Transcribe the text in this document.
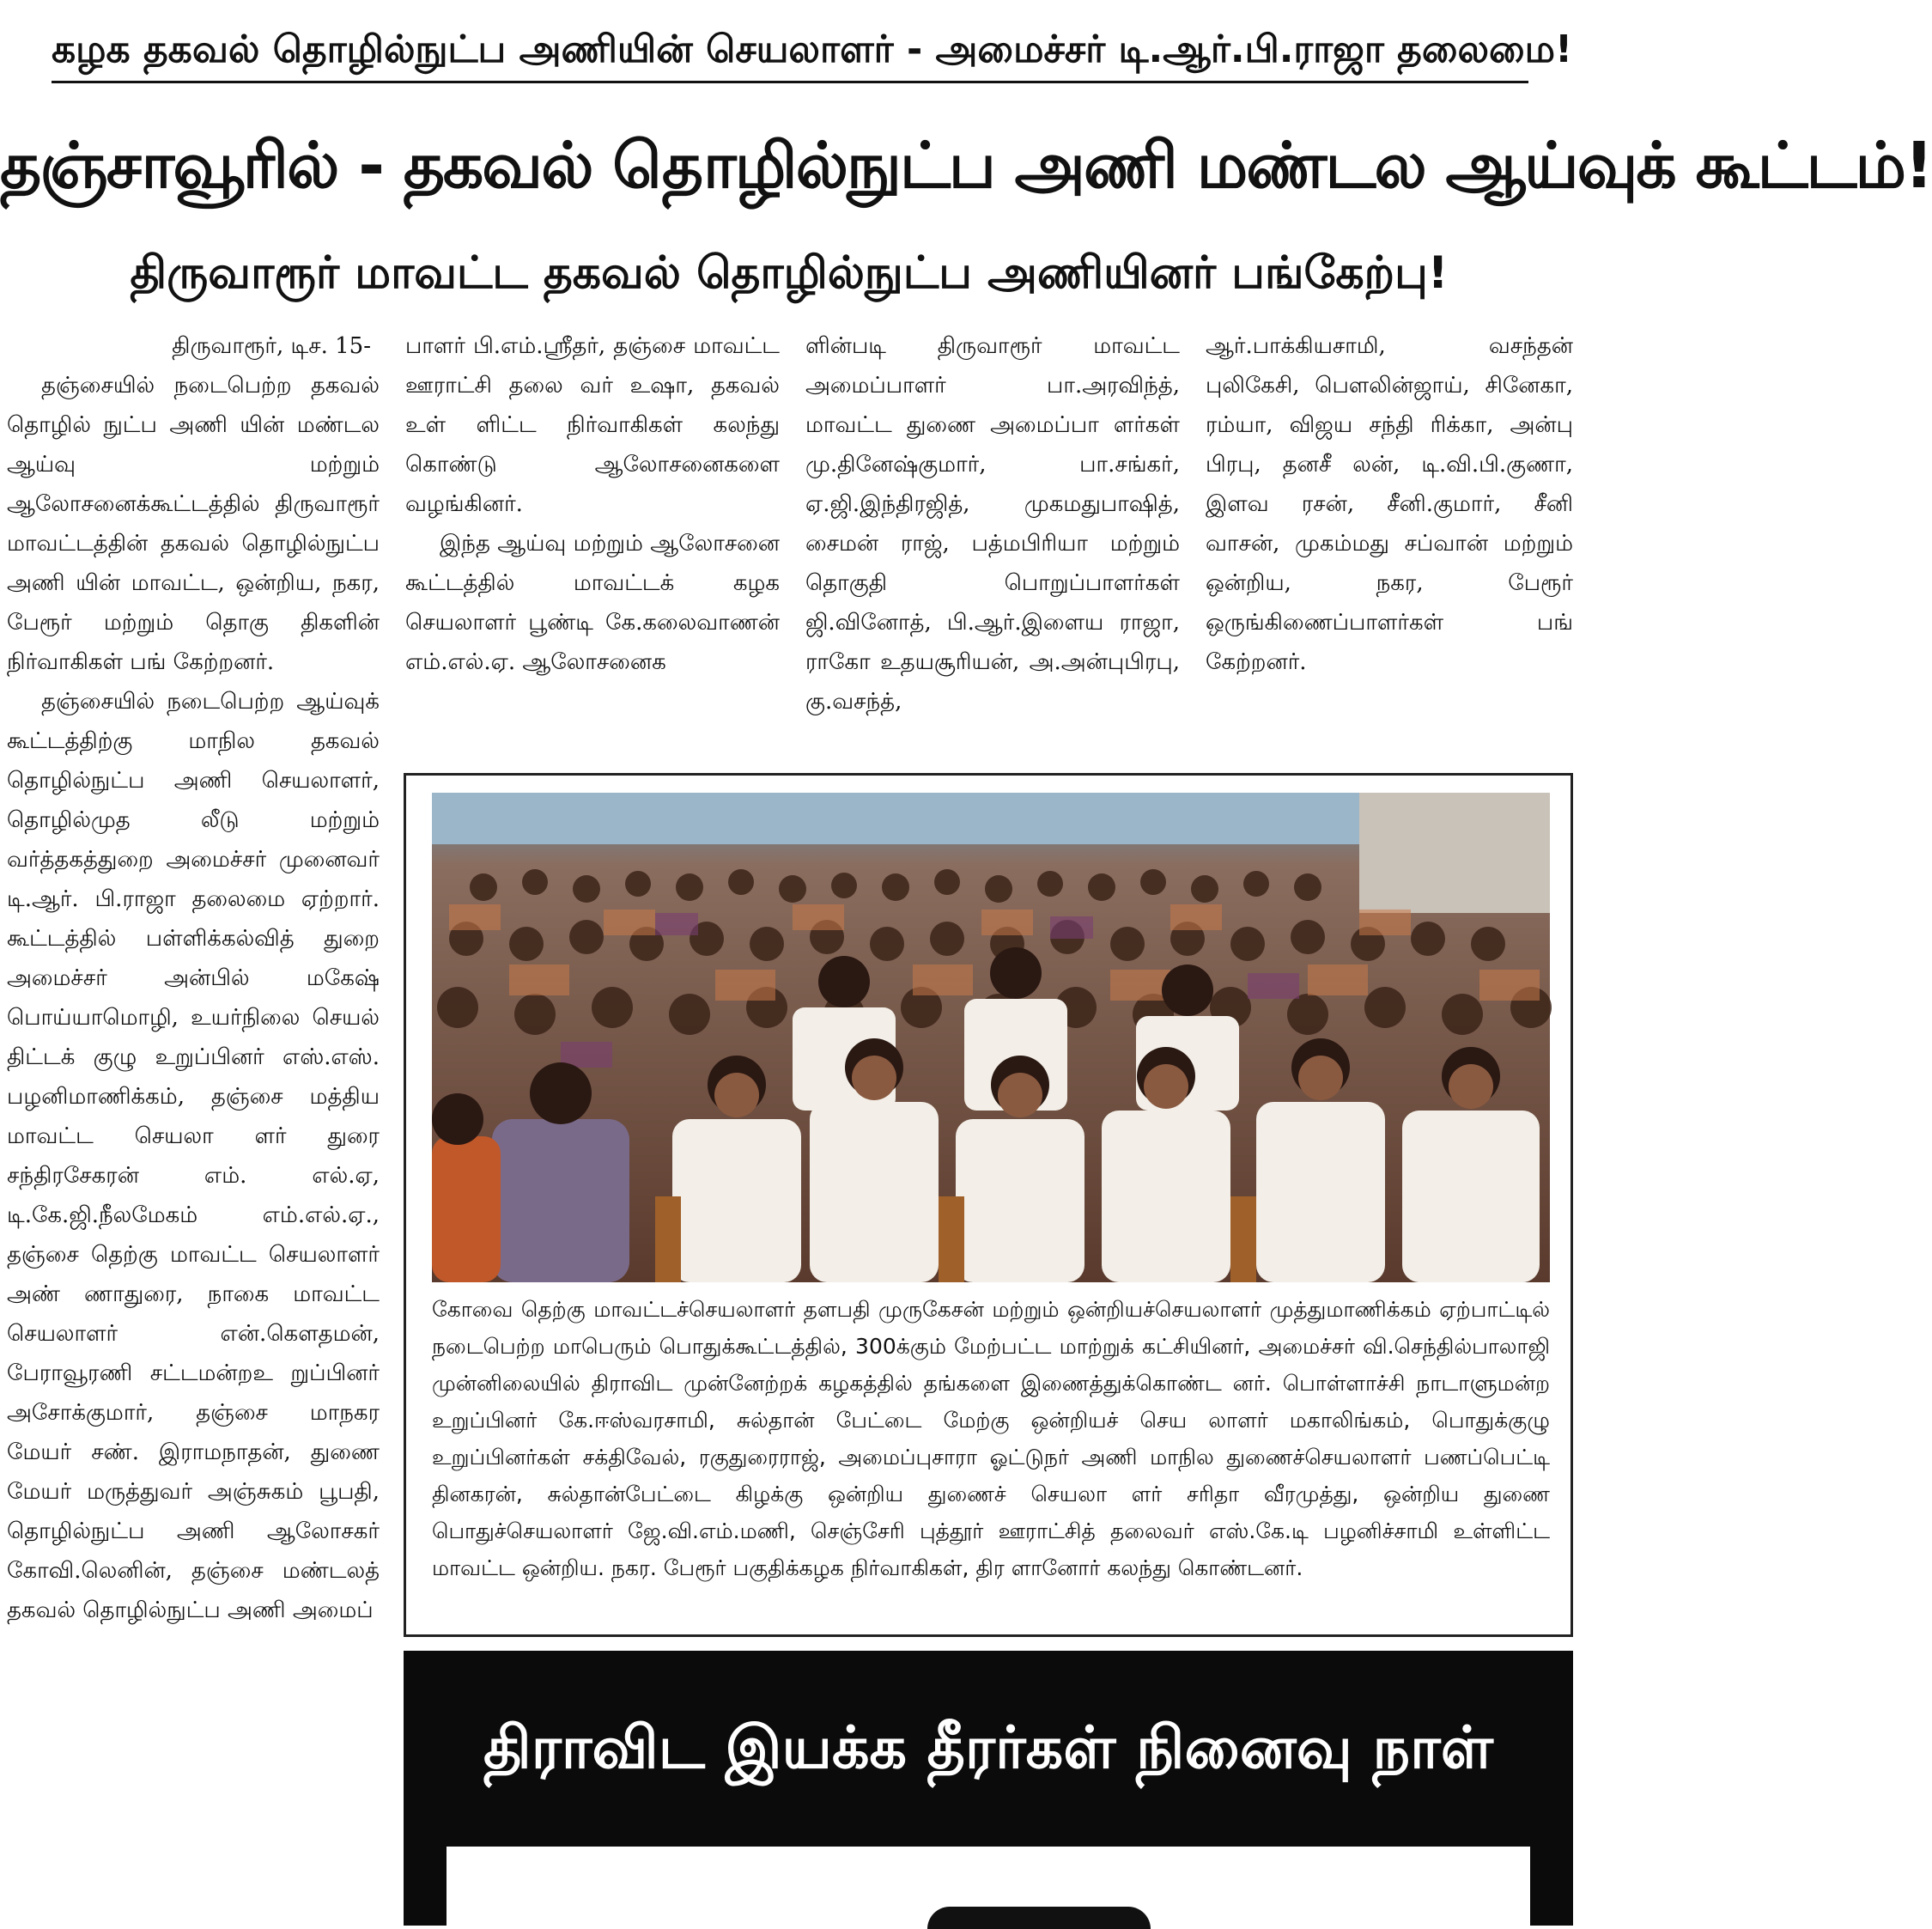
கழக தகவல் தொழில்நுட்ப அணியின் செயலாளர் - அமைச்சர் டி.ஆர்.பி.ராஜா தலைமை!
தஞ்சாவூரில் - தகவல் தொழில்நுட்ப அணி மண்டல ஆய்வுக் கூட்டம்!
திருவாரூர் மாவட்ட தகவல் தொழில்நுட்ப அணியினர் பங்கேற்பு!

திருவாரூர், டிச. 15-

தஞ்சையில் நடைபெற்ற தகவல் தொழில் நுட்ப அணி யின் மண்டல ஆய்வு மற்றும் ஆலோசனைக்கூட்டத்தில் திருவாரூர் மாவட்டத்தின் தகவல் தொழில்நுட்ப அணி யின் மாவட்ட, ஒன்றிய, நகர, பேரூர் மற்றும் தொகு திகளின் நிர்வாகிகள் பங் கேற்றனர்.

தஞ்சையில் நடைபெற்ற ஆய்வுக் கூட்டத்திற்கு மாநில தகவல் தொழில்நுட்ப அணி செயலாளர், தொழில்முத லீடு மற்றும் வர்த்தகத்துறை அமைச்சர் முனைவர் டி.ஆர். பி.ராஜா தலைமை ஏற்றார். கூட்டத்தில் பள்ளிக்கல்வித் துறை அமைச்சர் அன்பில் மகேஷ் பொய்யாமொழி, உயர்நிலை செயல் திட்டக் குழு உறுப்பினர் எஸ்.எஸ். பழனிமாணிக்கம், தஞ்சை மத்திய மாவட்ட செயலா ளர் துரை சந்திரசேகரன் எம். எல்.ஏ, டி.கே.ஜி.நீலமேகம் எம்.எல்.ஏ., தஞ்சை தெற்கு மாவட்ட செயலாளர் அண் ணாதுரை, நாகை மாவட்ட செயலாளர் என்.கௌதமன், பேராவூரணி சட்டமன்றஉ றுப்பினர் அசோக்குமார், தஞ்சை மாநகர மேயர் சண். இராமநாதன், துணை மேயர் மருத்துவர் அஞ்சுகம் பூபதி, தொழில்நுட்ப அணி ஆலோசகர் கோவி.லெனின், தஞ்சை மண்டலத் தகவல் தொழில்நுட்ப அணி அமைப்

பாளர் பி.எம்.ஸ்ரீதர், தஞ்சை மாவட்ட ஊராட்சி தலை வர் உஷா, தகவல் உள் ளிட்ட நிர்வாகிகள் கலந்து கொண்டு ஆலோசனைகளை வழங்கினர்.

இந்த ஆய்வு மற்றும் ஆலோசனை கூட்டத்தில் மாவட்டக் கழக செயலாளர் பூண்டி கே.கலைவாணன் எம்.எல்.ஏ. ஆலோசனைக

ளின்படி திருவாரூர் மாவட்ட அமைப்பாளர் பா.அரவிந்த், மாவட்ட துணை அமைப்பா ளர்கள் மு.தினேஷ்குமார், பா.சங்கர், ஏ.ஜி.இந்திரஜித், முகமதுபாஷித், சைமன் ராஜ், பத்மபிரியா மற்றும் தொகுதி பொறுப்பாளர்கள் ஜி.வினோத், பி.ஆர்.இளைய ராஜா, ராகோ உதயசூரியன், அ.அன்புபிரபு, கு.வசந்த்,

ஆர்.பாக்கியசாமி, வசந்தன் புலிகேசி, பௌலின்ஜாய், சினேகா, ரம்யா, விஜய சந்தி ரிக்கா, அன்பு பிரபு, தனசீ லன், டி.வி.பி.குணா, இளவ ரசன், சீனி.குமார், சீனி வாசன், முகம்மது சப்வான் மற்றும் ஒன்றிய, நகர, பேரூர் ஒருங்கிணைப்பாளர்கள் பங் கேற்றனர்.

கோவை தெற்கு மாவட்டச்செயலாளர் தளபதி முருகேசன் மற்றும் ஒன்றியச்செயலாளர் முத்துமாணிக்கம் ஏற்பாட்டில் நடைபெற்ற மாபெரும் பொதுக்கூட்டத்தில், 300க்கும் மேற்பட்ட மாற்றுக் கட்சியினர், அமைச்சர் வி.செந்தில்பாலாஜி முன்னிலையில் திராவிட முன்னேற்றக் கழகத்தில் தங்களை இணைத்துக்கொண்ட னர். பொள்ளாச்சி நாடாளுமன்ற உறுப்பினர் கே.ஈஸ்வரசாமி, சுல்தான் பேட்டை மேற்கு ஒன்றியச் செய லாளர் மகாலிங்கம், பொதுக்குழு உறுப்பினர்கள் சக்திவேல், ரகுதுரைராஜ், அமைப்புசாரா ஓட்டுநர் அணி மாநில துணைச்செயலாளர் பணப்பெட்டி தினகரன், சுல்தான்பேட்டை கிழக்கு ஒன்றிய துணைச் செயலா ளர் சரிதா வீரமுத்து, ஒன்றிய துணை பொதுச்செயலாளர் ஜே.வி.எம்.மணி, செஞ்சேரி புத்தூர் ஊராட்சித் தலைவர் எஸ்.கே.டி பழனிச்சாமி உள்ளிட்ட மாவட்ட ஒன்றிய. நகர. பேரூர் பகுதிக்கழக நிர்வாகிகள், திர ளானோர் கலந்து கொண்டனர்.
திராவிட இயக்க தீரர்கள் நினைவு நாள்
